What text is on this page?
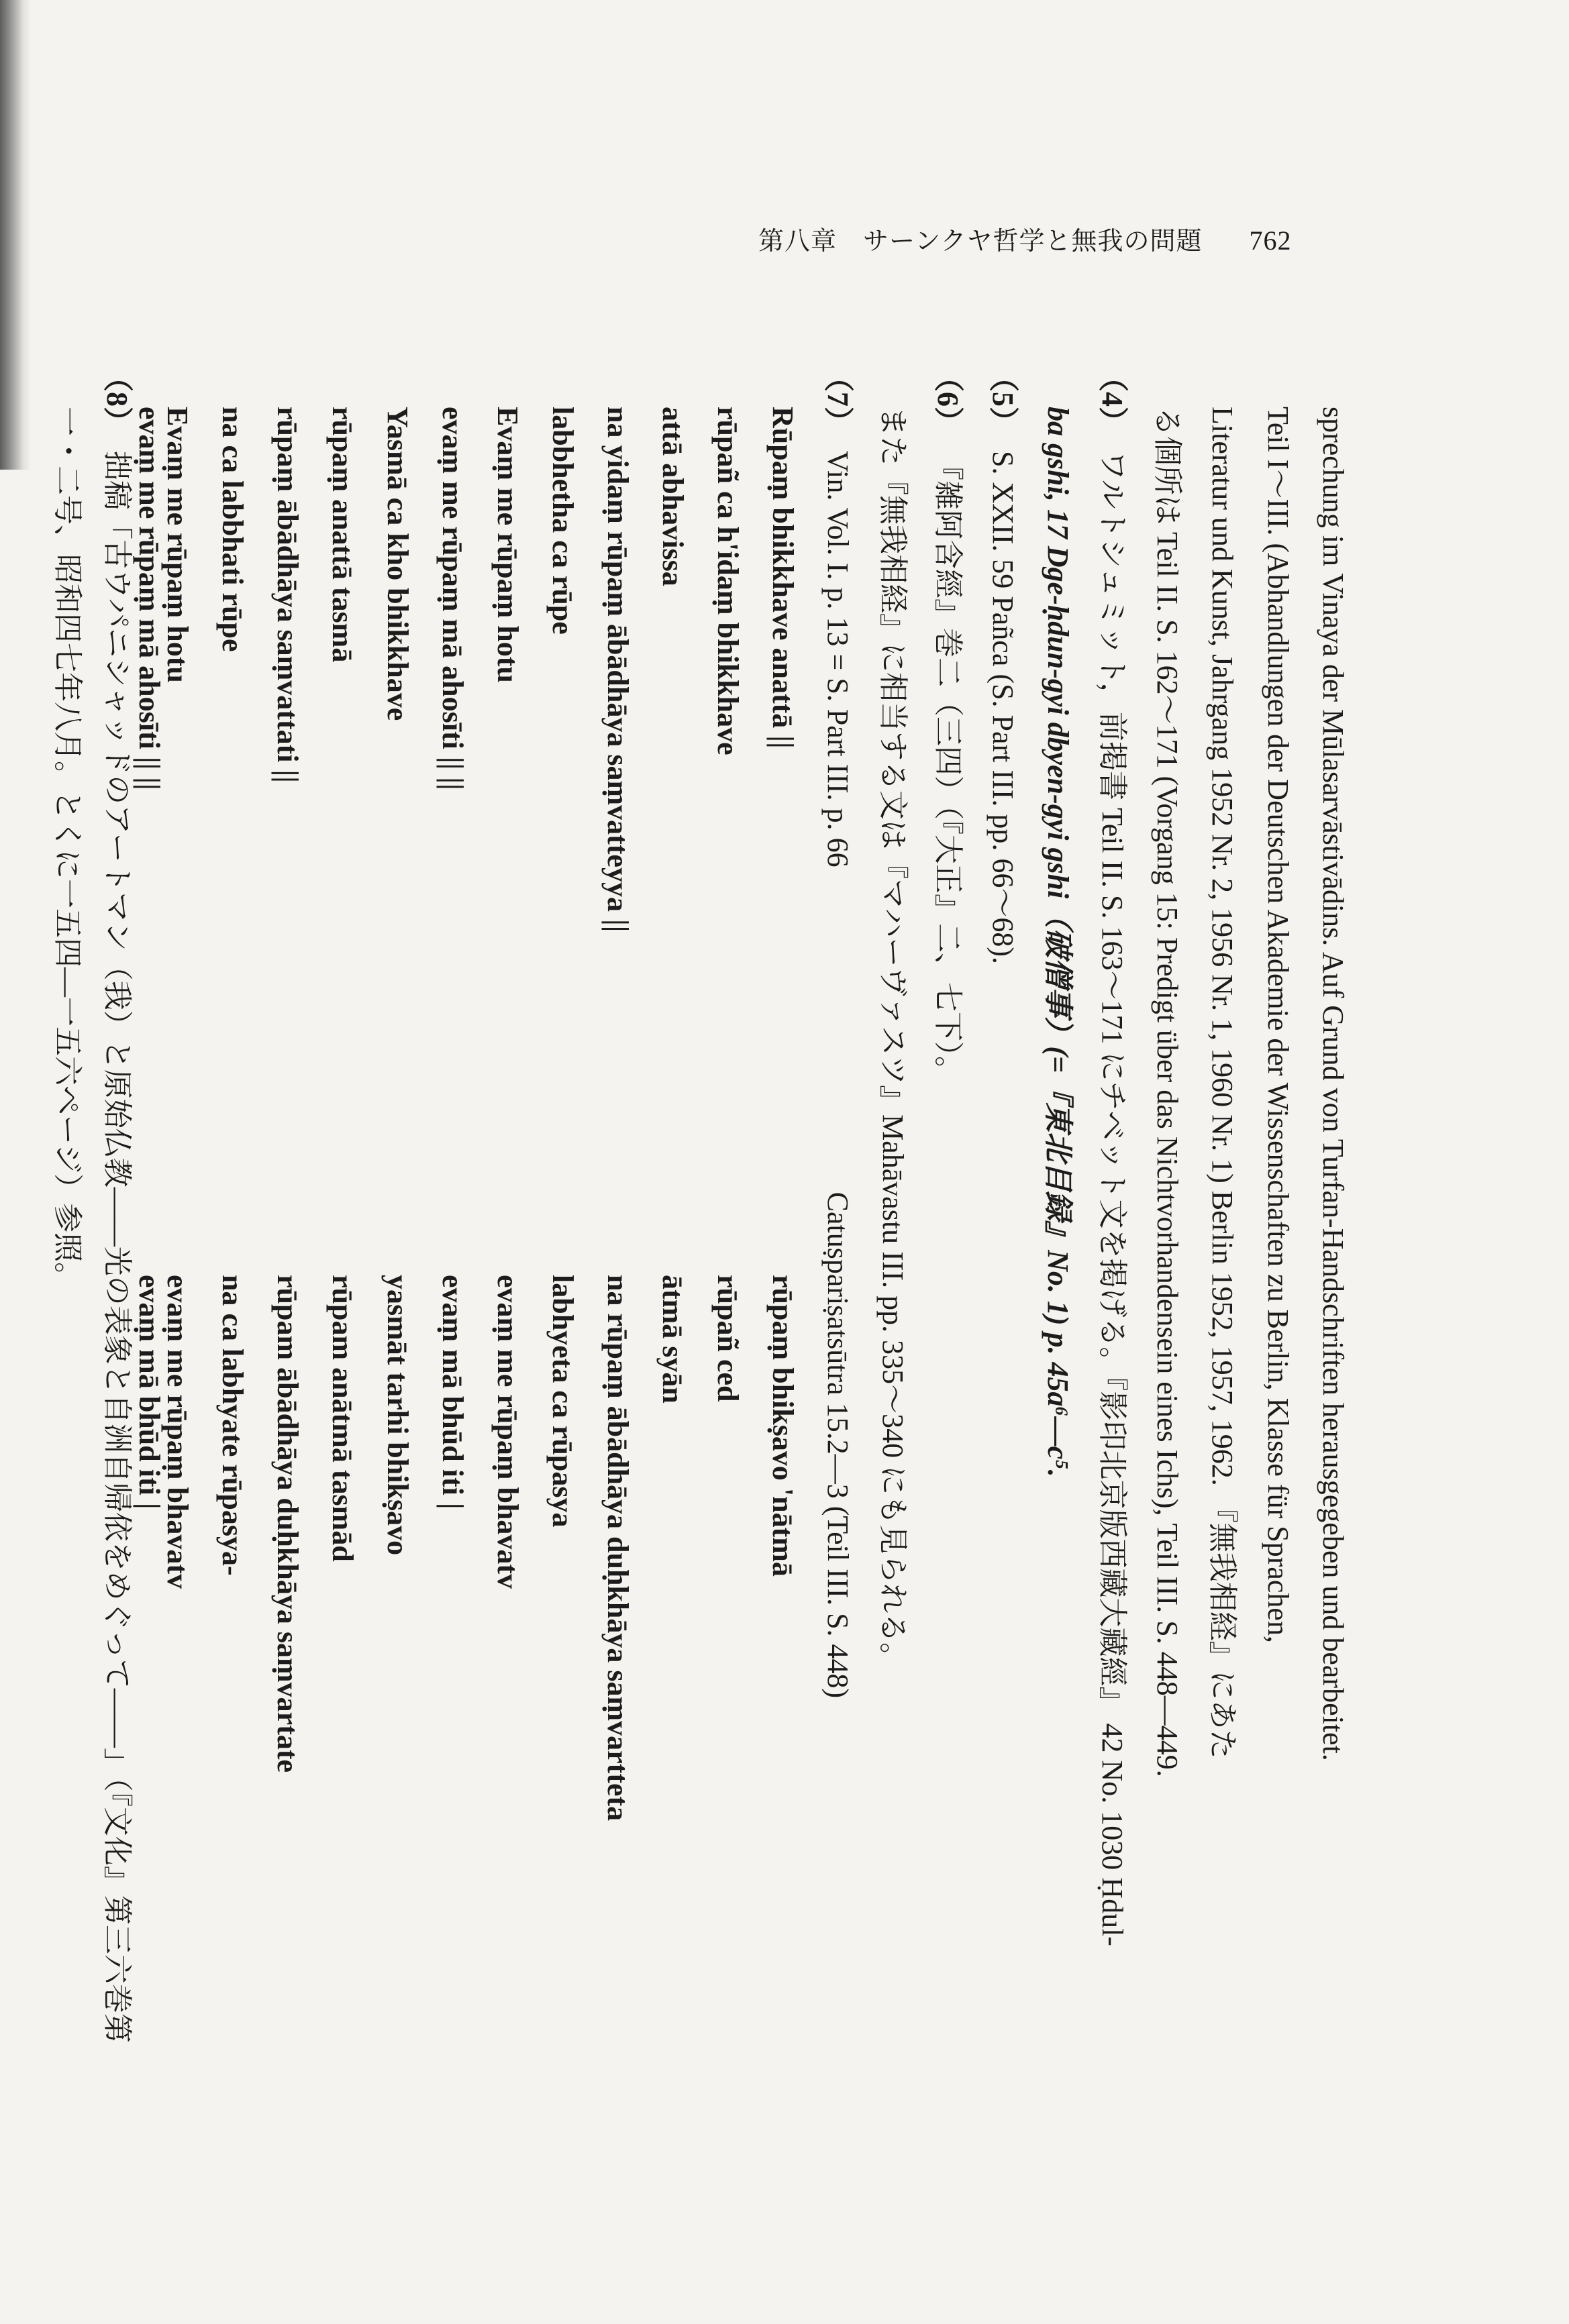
第八章　サーンクヤ哲学と無我の問題 762
sprechung im Vinaya der Mūlasarvāstivādins. Auf Grund von Turfan-Handschriften herausgegeben und bearbeitet.
Teil I〜III. (Abhandlungen der Deutschen Akademie der Wissenschaften zu Berlin, Klasse für Sprachen,
Literatur und Kunst, Jahrgang 1952 Nr. 2, 1956 Nr. 1, 1960 Nr. 1) Berlin 1952, 1957, 1962. 『無我相経』にあた
る個所は Teil II. S. 162〜171 (Vorgang 15: Predigt über das Nichtvorhandensein eines Ichs), Teil III. S. 448—449.
（4）ワルトシュミット，前掲書 Teil II. S. 163〜171 にチベット文を掲げる。『影印北京版西藏大藏經』 42 No. 1030 Ḥdul-
ba gshi, 17 Dge-ḥdun-gyi dbyen-gyi gshi（破僧事）(=『東北目録』No. 1) p. 45a⁶—c⁵.
（5）S. XXII. 59 Pañca (S. Part III. pp. 66〜68).
（6）『雑阿含經』巻二（三四）（『大正』二、七下）。
また『無我相経』に相当する文は『マハーヴァスツ』Mahāvastu III. pp. 335〜340 にも見られる。
（7）Vin. Vol. I. p. 13 = S. Part III. p. 66　　　　　　　　　　　Catuṣpariṣatsūtra 15.2—3 (Teil III. S. 448)
Rūpaṃ bhikkhave anattā ||
rūpaṃ bhikṣavo 'nātmā
rūpañ ca h'idaṃ bhikkhave
rūpañ ced
attā abhavissa
ātmā syān
na yidaṃ rūpaṃ ābādhāya saṃvatteyya ||
na rūpaṃ ābādhāya duḥkhāya saṃvartteta
labbhetha ca rūpe
labhyeta ca rūpasya
Evaṃ me rūpaṃ hotu
evaṃ me rūpaṃ bhavatv
evaṃ me rūpaṃ mā ahosīti || ||
evaṃ mā bhūd iti |
Yasmā ca kho bhikkhave
yasmāt tarhi bhikṣavo
rūpaṃ anattā tasmā
rūpam anātmā tasmād
rūpaṃ ābādhāya saṃvattati ||
rūpam ābādhāya duḥkhāya saṃvartate
na ca labbhati rūpe
na ca labhyate rūpasya-
Evaṃ me rūpaṃ hotu
evaṃ me rūpaṃ bhavatv
evaṃ me rūpaṃ mā ahosīti || ||
evaṃ mā bhūd iti |
（8）拙稿「古ウパニシャッドのアートマン（我）と原始仏教——光の表象と自洲自帰依をめぐって——」（『文化』第三六巻第
一・二号、昭和四七年八月。とくに一五四—一五六ページ）参照。
